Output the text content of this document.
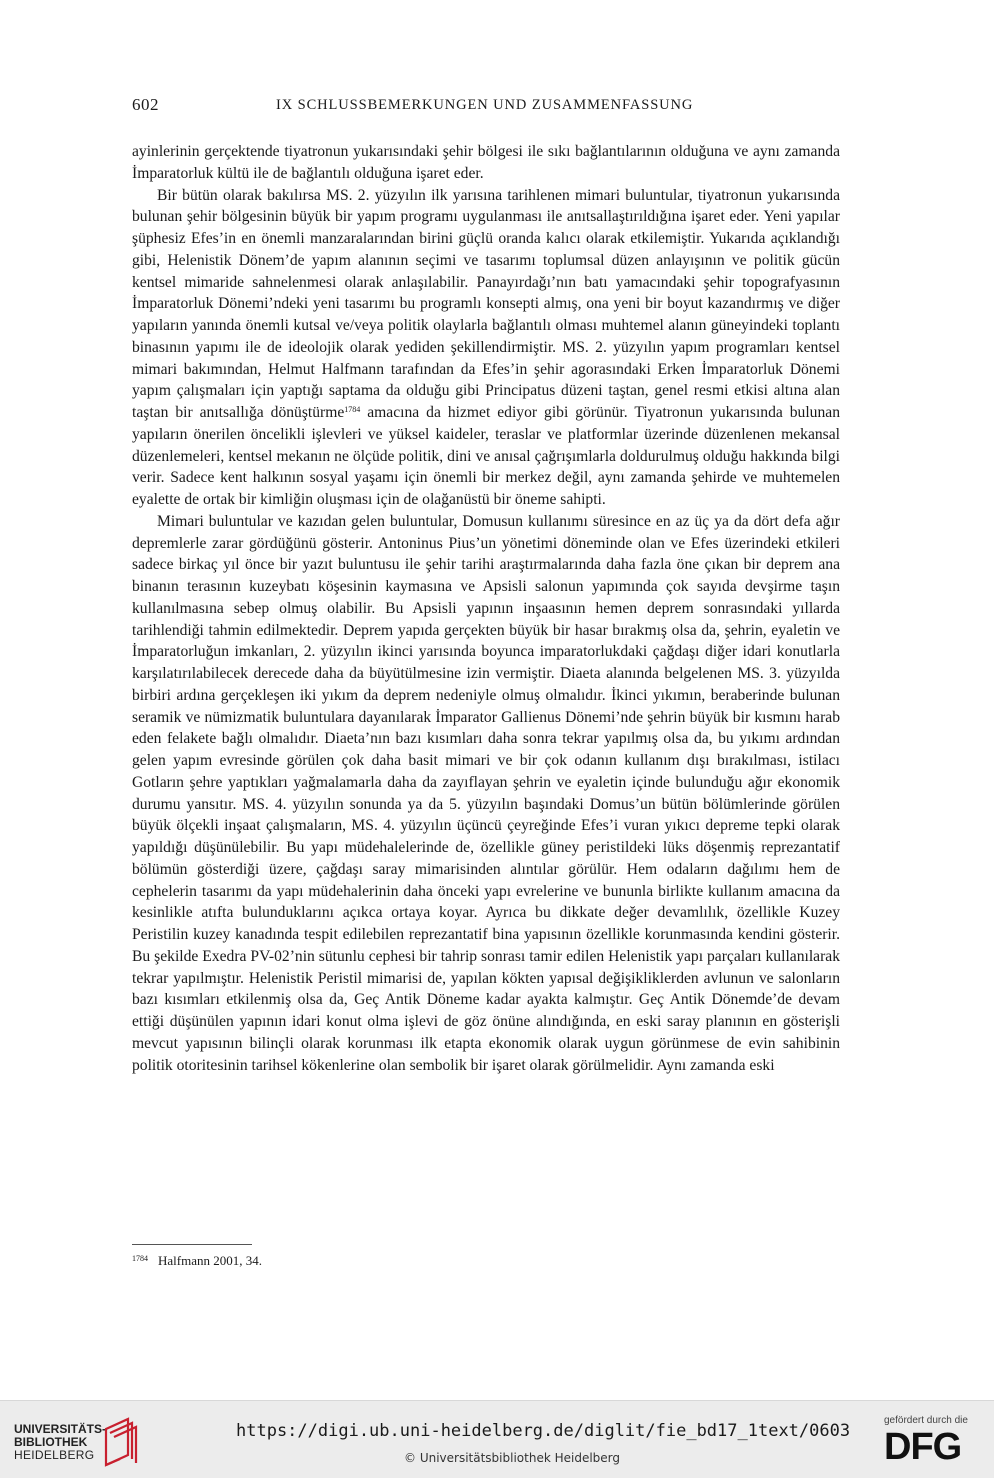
602	IX SCHLUSSBEMERKUNGEN UND ZUSAMMENFASSUNG

ayinlerinin gerçektende tiyatronun yukarısındaki şehir bölgesi ile sıkı bağlantılarının olduğuna ve aynı zamanda İmparatorluk kültü ile de bağlantılı olduğuna işaret eder.

Bir bütün olarak bakılırsa MS. 2. yüzyılın ilk yarısına tarihlenen mimari buluntular, tiyatronun yukarısında bulunan şehir bölgesinin büyük bir yapım programı uygulanması ile anıtsallaştırıldığına işaret eder. Yeni yapılar şüphesiz Efes’in en önemli manzaralarından birini güçlü oranda kalıcı olarak etkilemiştir. Yukarıda açıklandığı gibi, Helenistik Dönem’de yapım alanının seçimi ve tasarımı toplumsal düzen anlayışının ve politik gücün kentsel mimaride sahnelenmesi olarak anlaşılabilir. Panayırdağı’nın batı yamacındaki şehir topografyasının İmparatorluk Dönemi’ndeki yeni tasarımı bu programlı konsepti almış, ona yeni bir boyut kazandırmış ve diğer yapıların yanında önemli kutsal ve/veya politik olaylarla bağlantılı olması muhtemel alanın güneyindeki toplantı binasının yapımı ile de ideolojik olarak yediden şekillendirmiştir. MS. 2. yüzyılın yapım programları kentsel mimari bakımından, Helmut Halfmann tarafından da Efes’in şehir agorasındaki Erken İmparatorluk Dönemi yapım çalışmaları için yaptığı saptama da olduğu gibi Principatus düzeni taştan, genel resmi etkisi altına alan taştan bir anıtsallığa dönüştürme$^{1784}$ amacına da hizmet ediyor gibi görünür. Tiyatronun yukarısında bulunan yapıların önerilen öncelikli işlevleri ve yüksel kaideler, teraslar ve platformlar üzerinde düzenlenen mekansal düzenlemeleri, kentsel mekanın ne ölçüde politik, dini ve anısal çağrışımlarla doldurulmuş olduğu hakkında bilgi verir. Sadece kent halkının sosyal yaşamı için önemli bir merkez değil, aynı zamanda şehirde ve muhtemelen eyalette de ortak bir kimliğin oluşması için de olağanüstü bir öneme sahipti.

Mimari buluntular ve kazıdan gelen buluntular, Domusun kullanımı süresince en az üç ya da dört defa ağır depremlerle zarar gördüğünü gösterir. Antoninus Pius’un yönetimi döneminde olan ve Efes üzerindeki etkileri sadece birkaç yıl önce bir yazıt buluntusu ile şehir tarihi araştırmalarında daha fazla öne çıkan bir deprem ana binanın terasının kuzeybatı köşesinin kaymasına ve Apsisli salonun yapımında çok sayıda devşirme taşın kullanılmasına sebep olmuş olabilir. Bu Apsisli yapının inşaasının hemen deprem sonrasındaki yıllarda tarihlendiği tahmin edilmektedir. Deprem yapıda gerçekten büyük bir hasar bırakmış olsa da, şehrin, eyaletin ve İmparatorluğun imkanları, 2. yüzyılın ikinci yarısında boyunca imparatorlukdaki çağdaşı diğer idari konutlarla karşılatırılabilecek derecede daha da büyütülmesine izin vermiştir. Diaeta alanında belgelenen MS. 3. yüzyılda birbiri ardına gerçekleşen iki yıkım da deprem nedeniyle olmuş olmalıdır. İkinci yıkımın, beraberinde bulunan seramik ve nümizmatik buluntulara dayanılarak İmparator Gallienus Dönemi’nde şehrin büyük bir kısmını harab eden felakete bağlı olmalıdır. Diaeta’nın bazı kısımları daha sonra tekrar yapılmış olsa da, bu yıkımı ardından gelen yapım evresinde görülen çok daha basit mimari ve bir çok odanın kullanım dışı bırakılması, istilacı Gotların şehre yaptıkları yağmalamarla daha da zayıflayan şehrin ve eyaletin içinde bulunduğu ağır ekonomik durumu yansıtır. MS. 4. yüzyılın sonunda ya da 5. yüzyılın başındaki Domus’un bütün bölümlerinde görülen büyük ölçekli inşaat çalışmaların, MS. 4. yüzyılın üçüncü çeyreğinde Efes’i vuran yıkıcı depreme tepki olarak yapıldığı düşünülebilir. Bu yapı müdehalelerinde de, özellikle güney peristildeki lüks döşenmiş reprezantatif bölümün gösterdiği üzere, çağdaşı saray mimarisinden alıntılar görülür. Hem odaların dağılımı hem de cephelerin tasarımı da yapı müdehalerinin daha önceki yapı evrelerine ve bununla birlikte kullanım amacına da kesinlikle atıfta bulunduklarını açıkca ortaya koyar. Ayrıca bu dikkate değer devamlılık, özellikle Kuzey Peristilin kuzey kanadında tespit edilebilen reprezantatif bina yapısının özellikle korunmasında kendini gösterir. Bu şekilde Exedra PV-02’nin sütunlu cephesi bir tahrip sonrası tamir edilen Helenistik yapı parçaları kullanılarak tekrar yapılmıştır. Helenistik Peristil mimarisi de, yapılan kökten yapısal değişikliklerden avlunun ve salonların bazı kısımları etkilenmiş olsa da, Geç Antik Döneme kadar ayakta kalmıştır. Geç Antik Dönemde’de devam ettiği düşünülen yapının idari konut olma işlevi de göz önüne alındığında, en eski saray planının en gösterişli mevcut yapısının bilinçli olarak korunması ilk etapta ekonomik olarak uygun görünmese de evin sahibinin politik otoritesinin tarihsel kökenlerine olan sembolik bir işaret olarak görülmelidir. Aynı zamanda eski

$^{1784}$ Halfmann 2001, 34.
UNIVERSITÄTS-
BIBLIOTHEK
HEIDELBERG
https://digi.ub.uni-heidelberg.de/diglit/fie_bd17_1text/0603
© Universitätsbibliothek Heidelberg
gefördert durch die
DFG
